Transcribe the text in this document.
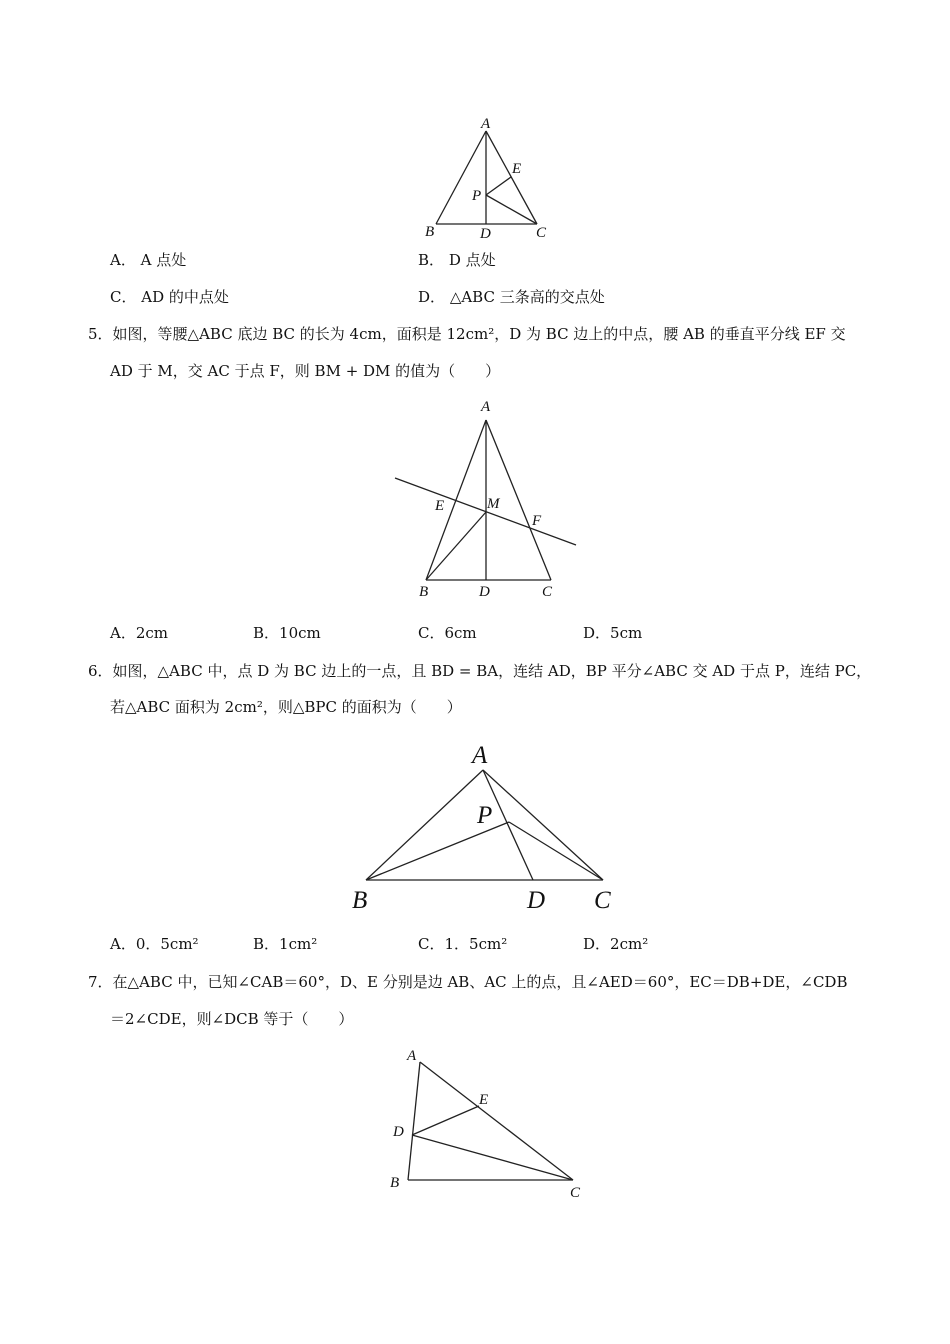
A
E
P
B	D	C
A． A 点处	B． D 点处
C． AD 的中点处	D． △ABC 三条高的交点处
5．如图，等腰△ABC 底边 BC 的长为 4cm，面积是 12cm²，D 为 BC 边上的中点，腰 AB 的垂直平分线 EF 交
AD 于 M，交 AC 于点 F，则 BM + DM 的值为（　　）
A
E	M
F
B	D	C
A．2cm	B．10cm	C．6cm	D．5cm
6．如图，△ABC 中，点 D 为 BC 边上的一点，且 BD = BA，连结 AD，BP 平分∠ABC 交 AD 于点 P，连结 PC，
若△ABC 面积为 2cm²，则△BPC 的面积为（　　）
A
P
B	D C
A．0．5cm²	B．1cm²	C．1．5cm²	D．2cm²
7．在△ABC 中，已知∠CAB＝60°，D、E 分别是边 AB、AC 上的点，且∠AED＝60°，EC＝DB+DE，∠CDB
＝2∠CDE，则∠DCB 等于（　　）
A
E
D
B
C
